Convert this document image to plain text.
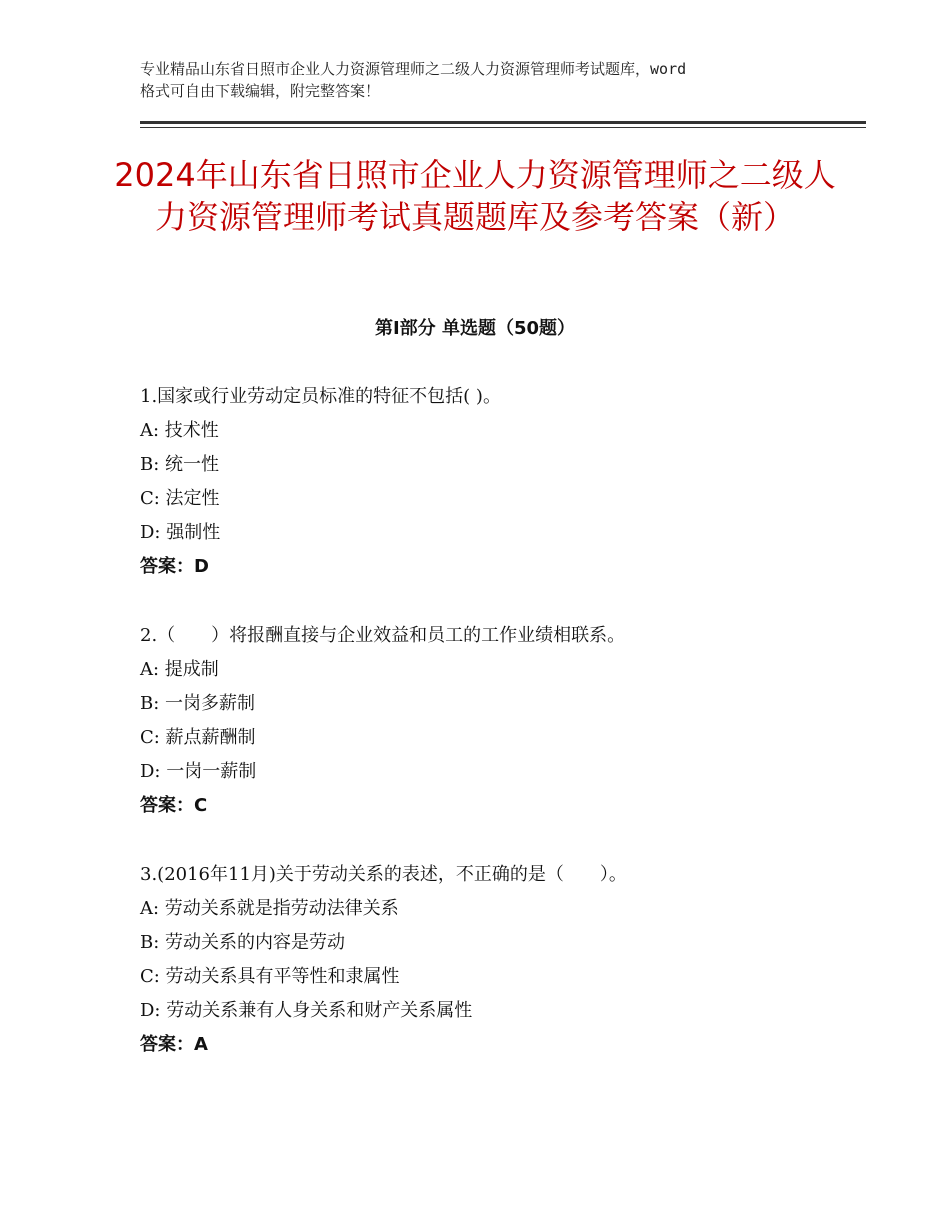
专业精品山东省日照市企业人力资源管理师之二级人力资源管理师考试题库，word
格式可自由下载编辑，附完整答案！
2024年山东省日照市企业人力资源管理师之二级人力资源管理师考试真题题库及参考答案（新）
第Ⅰ部分 单选题（50题）
1.国家或行业劳动定员标准的特征不包括( )。
A: 技术性
B: 统一性
C: 法定性
D: 强制性
答案：D
2.（　　）将报酬直接与企业效益和员工的工作业绩相联系。
A: 提成制
B: 一岗多薪制
C: 薪点薪酬制
D: 一岗一薪制
答案：C
3.(2016年11月)关于劳动关系的表述，不正确的是（　　）。
A: 劳动关系就是指劳动法律关系
B: 劳动关系的内容是劳动
C: 劳动关系具有平等性和隶属性
D: 劳动关系兼有人身关系和财产关系属性
答案：A
